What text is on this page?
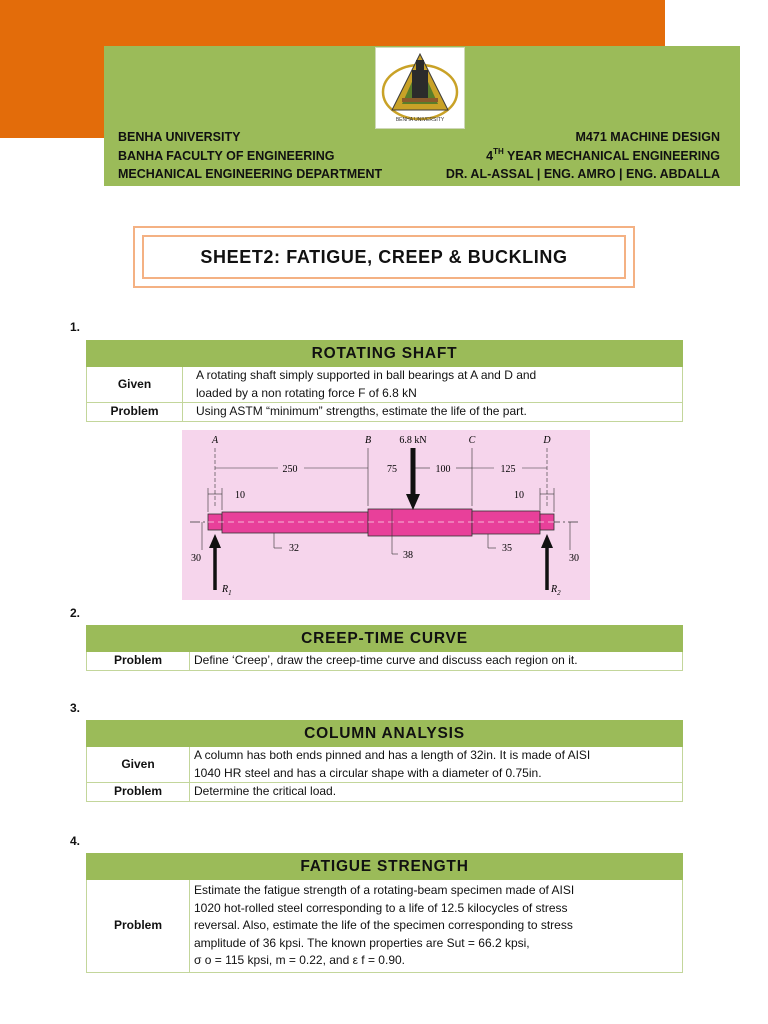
BENHA UNIVERSITY
BENHA UNIVERSITY
BANHA FACULTY OF ENGINEERING
MECHANICAL ENGINEERING DEPARTMENT
M471 MACHINE DESIGN
4TH YEAR MECHANICAL ENGINEERING
DR. AL-ASSAL | ENG. AMRO | ENG. ABDALLA
SHEET2: FATIGUE, CREEP & BUCKLING
1.
ROTATING SHAFT	
Given	A rotating shaft simply supported in ball bearings at A and D and
loaded by a non rotating force F of 6.8 kN
Problem	Using ASTM “minimum” strengths, estimate the life of the part.
A	B	6.8 kN	C	D
250	75	100	125
10	10
32
38
35
30	30
$R_1$	$R_2$
2.
CREEP-TIME CURVE
Problem	Define ‘Creep’, draw the creep-time curve and discuss each region on it.
3.
COLUMN ANALYSIS	
Given	A column has both ends pinned and has a length of 32in. It is made of AISI
1040 HR steel and has a circular shape with a diameter of 0.75in.
Problem	Determine the critical load.
4.
FATIGUE STRENGTH
Problem	Estimate the fatigue strength of a rotating-beam specimen made of AISI
1020 hot-rolled steel corresponding to a life of 12.5 kilocycles of stress
reversal. Also, estimate the life of the specimen corresponding to stress
amplitude of 36 kpsi. The known properties are Sut = 66.2 kpsi,
σ o = 115 kpsi, m = 0.22, and ε f = 0.90.
